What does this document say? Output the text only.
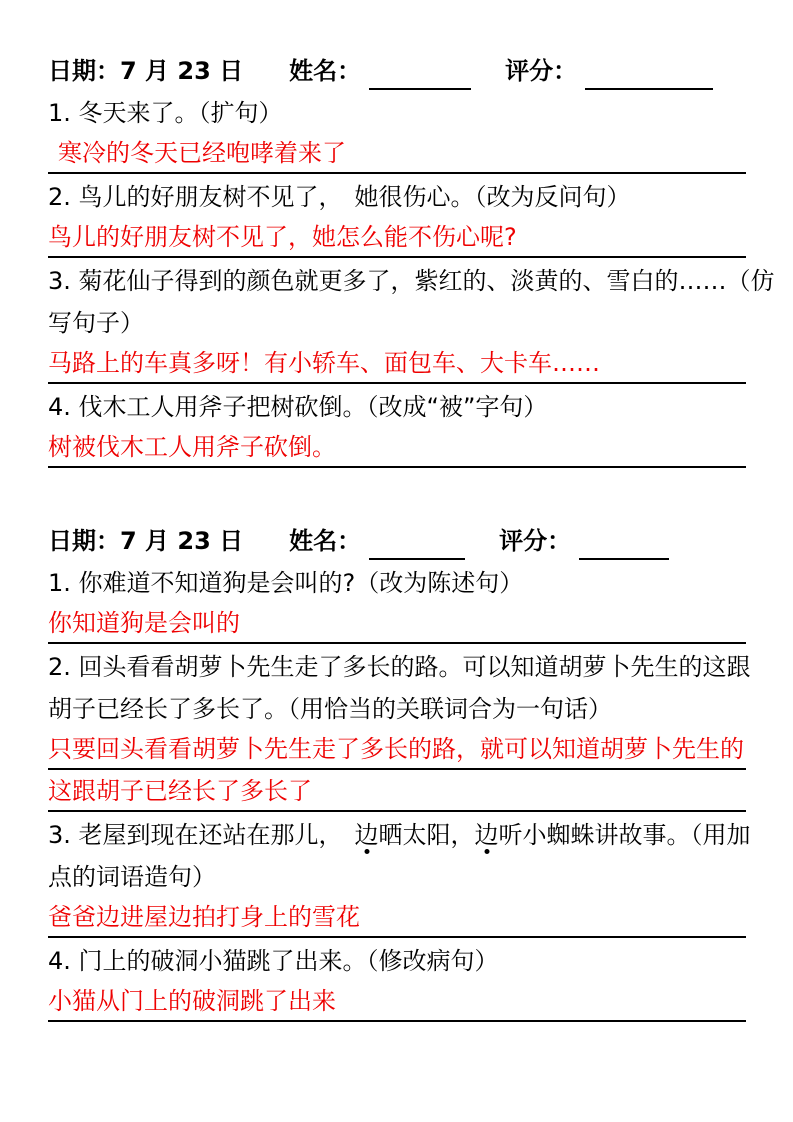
日期： 7 月 23 日 姓名：	评分：
1. 冬天来了。（扩句）
寒冷的冬天已经咆哮着来了
2. 鸟儿的好朋友树不见了，　她很伤心。（改为反问句）
鸟儿的好朋友树不见了，她怎么能不伤心呢?
3. 菊花仙子得到的颜色就更多了，紫红的、淡黄的、雪白的……（仿
写句子）
马路上的车真多呀！有小轿车、面包车、大卡车……
4. 伐木工人用斧子把树砍倒。（改成“被”字句）
树被伐木工人用斧子砍倒。
日期： 7 月 23 日 姓名：	评分：
1. 你难道不知道狗是会叫的?（改为陈述句）
你知道狗是会叫的
2. 回头看看胡萝卜先生走了多长的路。可以知道胡萝卜先生的这跟
胡子已经长了多长了。（用恰当的关联词合为一句话）
只要回头看看胡萝卜先生走了多长的路，就可以知道胡萝卜先生的
这跟胡子已经长了多长了
3. 老屋到现在还站在那儿，　边晒太阳，边听小蜘蛛讲故事。（用加
点的词语造句）
爸爸边进屋边拍打身上的雪花
4. 门上的破洞小猫跳了出来。（修改病句）
小猫从门上的破洞跳了出来
